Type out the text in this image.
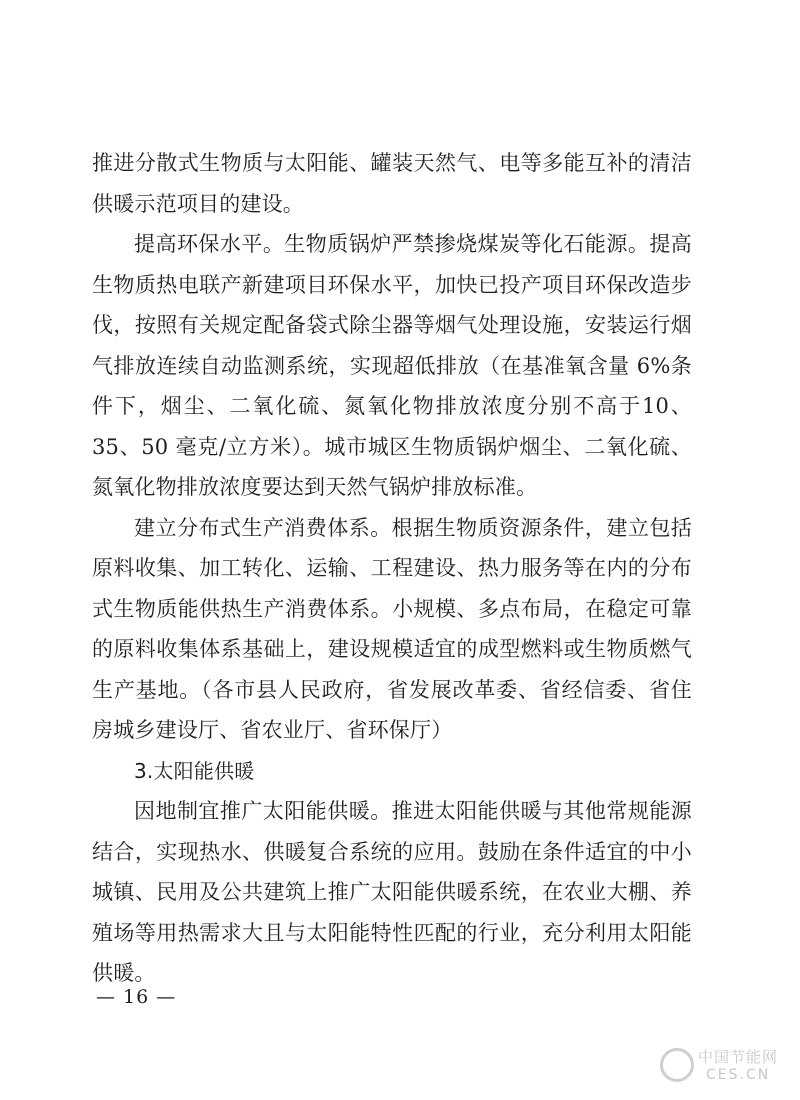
推进分散式生物质与太阳能、罐装天然气、电等多能互补的清洁供暖示范项目的建设。

提高环保水平。生物质锅炉严禁掺烧煤炭等化石能源。提高生物质热电联产新建项目环保水平，加快已投产项目环保改造步伐，按照有关规定配备袋式除尘器等烟气处理设施，安装运行烟气排放连续自动监测系统，实现超低排放（在基准氧含量 6%条件下，烟尘、二氧化硫、氮氧化物排放浓度分别不高于10、35、50 毫克/立方米）。城市城区生物质锅炉烟尘、二氧化硫、氮氧化物排放浓度要达到天然气锅炉排放标准。

建立分布式生产消费体系。根据生物质资源条件，建立包括原料收集、加工转化、运输、工程建设、热力服务等在内的分布式生物质能供热生产消费体系。小规模、多点布局，在稳定可靠的原料收集体系基础上，建设规模适宜的成型燃料或生物质燃气生产基地。（各市县人民政府，省发展改革委、省经信委、省住房城乡建设厅、省农业厅、省环保厅）

3.太阳能供暖

因地制宜推广太阳能供暖。推进太阳能供暖与其他常规能源结合，实现热水、供暖复合系统的应用。鼓励在条件适宜的中小城镇、民用及公共建筑上推广太阳能供暖系统，在农业大棚、养殖场等用热需求大且与太阳能特性匹配的行业，充分利用太阳能供暖。

— 16 —
中国节能网
CES.CN
